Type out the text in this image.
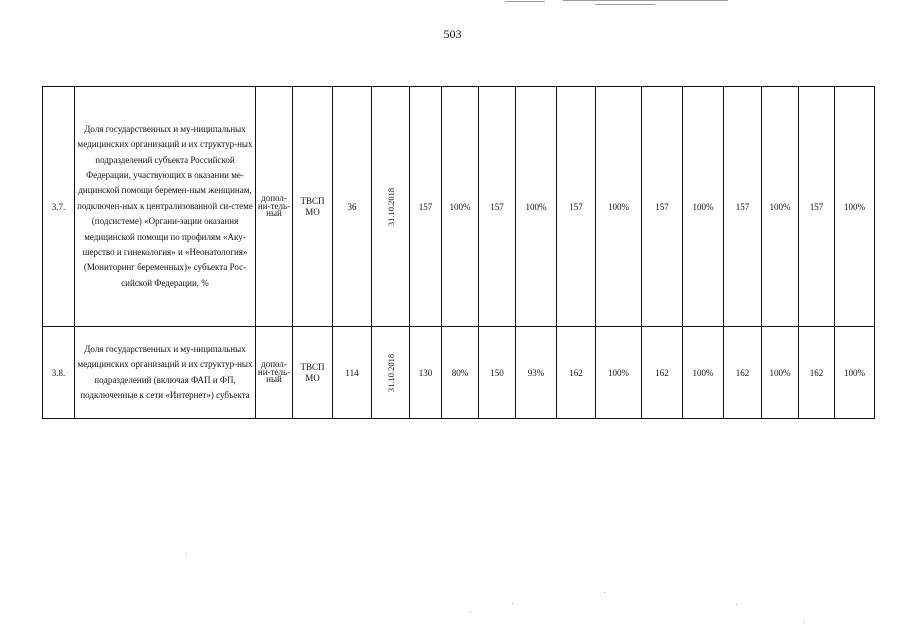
503
3.7.	Доля государственных и му-ниципальных медицинских организаций и их структур-ных подразделений субъекта Российской Федерации, участвующих в оказании ме-дицинской помощи беремен-ным женщинам, подключен-ных к централизованной си-стеме (подсистеме) «Органи-зации оказания медицинской помощи по профилям «Аку-шерство и гинекология» и «Неонатология» (Мониторинг беременных)» субъекта Рос-сийской Федерации, %	допол-ни-тель-ный	ТВСП МО	36	31.10.2018	157	100%	157	100%	157	100%	157	100%	157	100%	157	100%
3.8.	Доля государственных и му-ниципальных медицинских организаций и их структур-ных подразделений (включая ФАП и ФП, подключенные к сети «Интернет») субъекта	допол-ни-тель-ный	ТВСП МО	114	31.10.2018	130	80%	150	93%	162	100%	162	100%	162	100%	162	100%
